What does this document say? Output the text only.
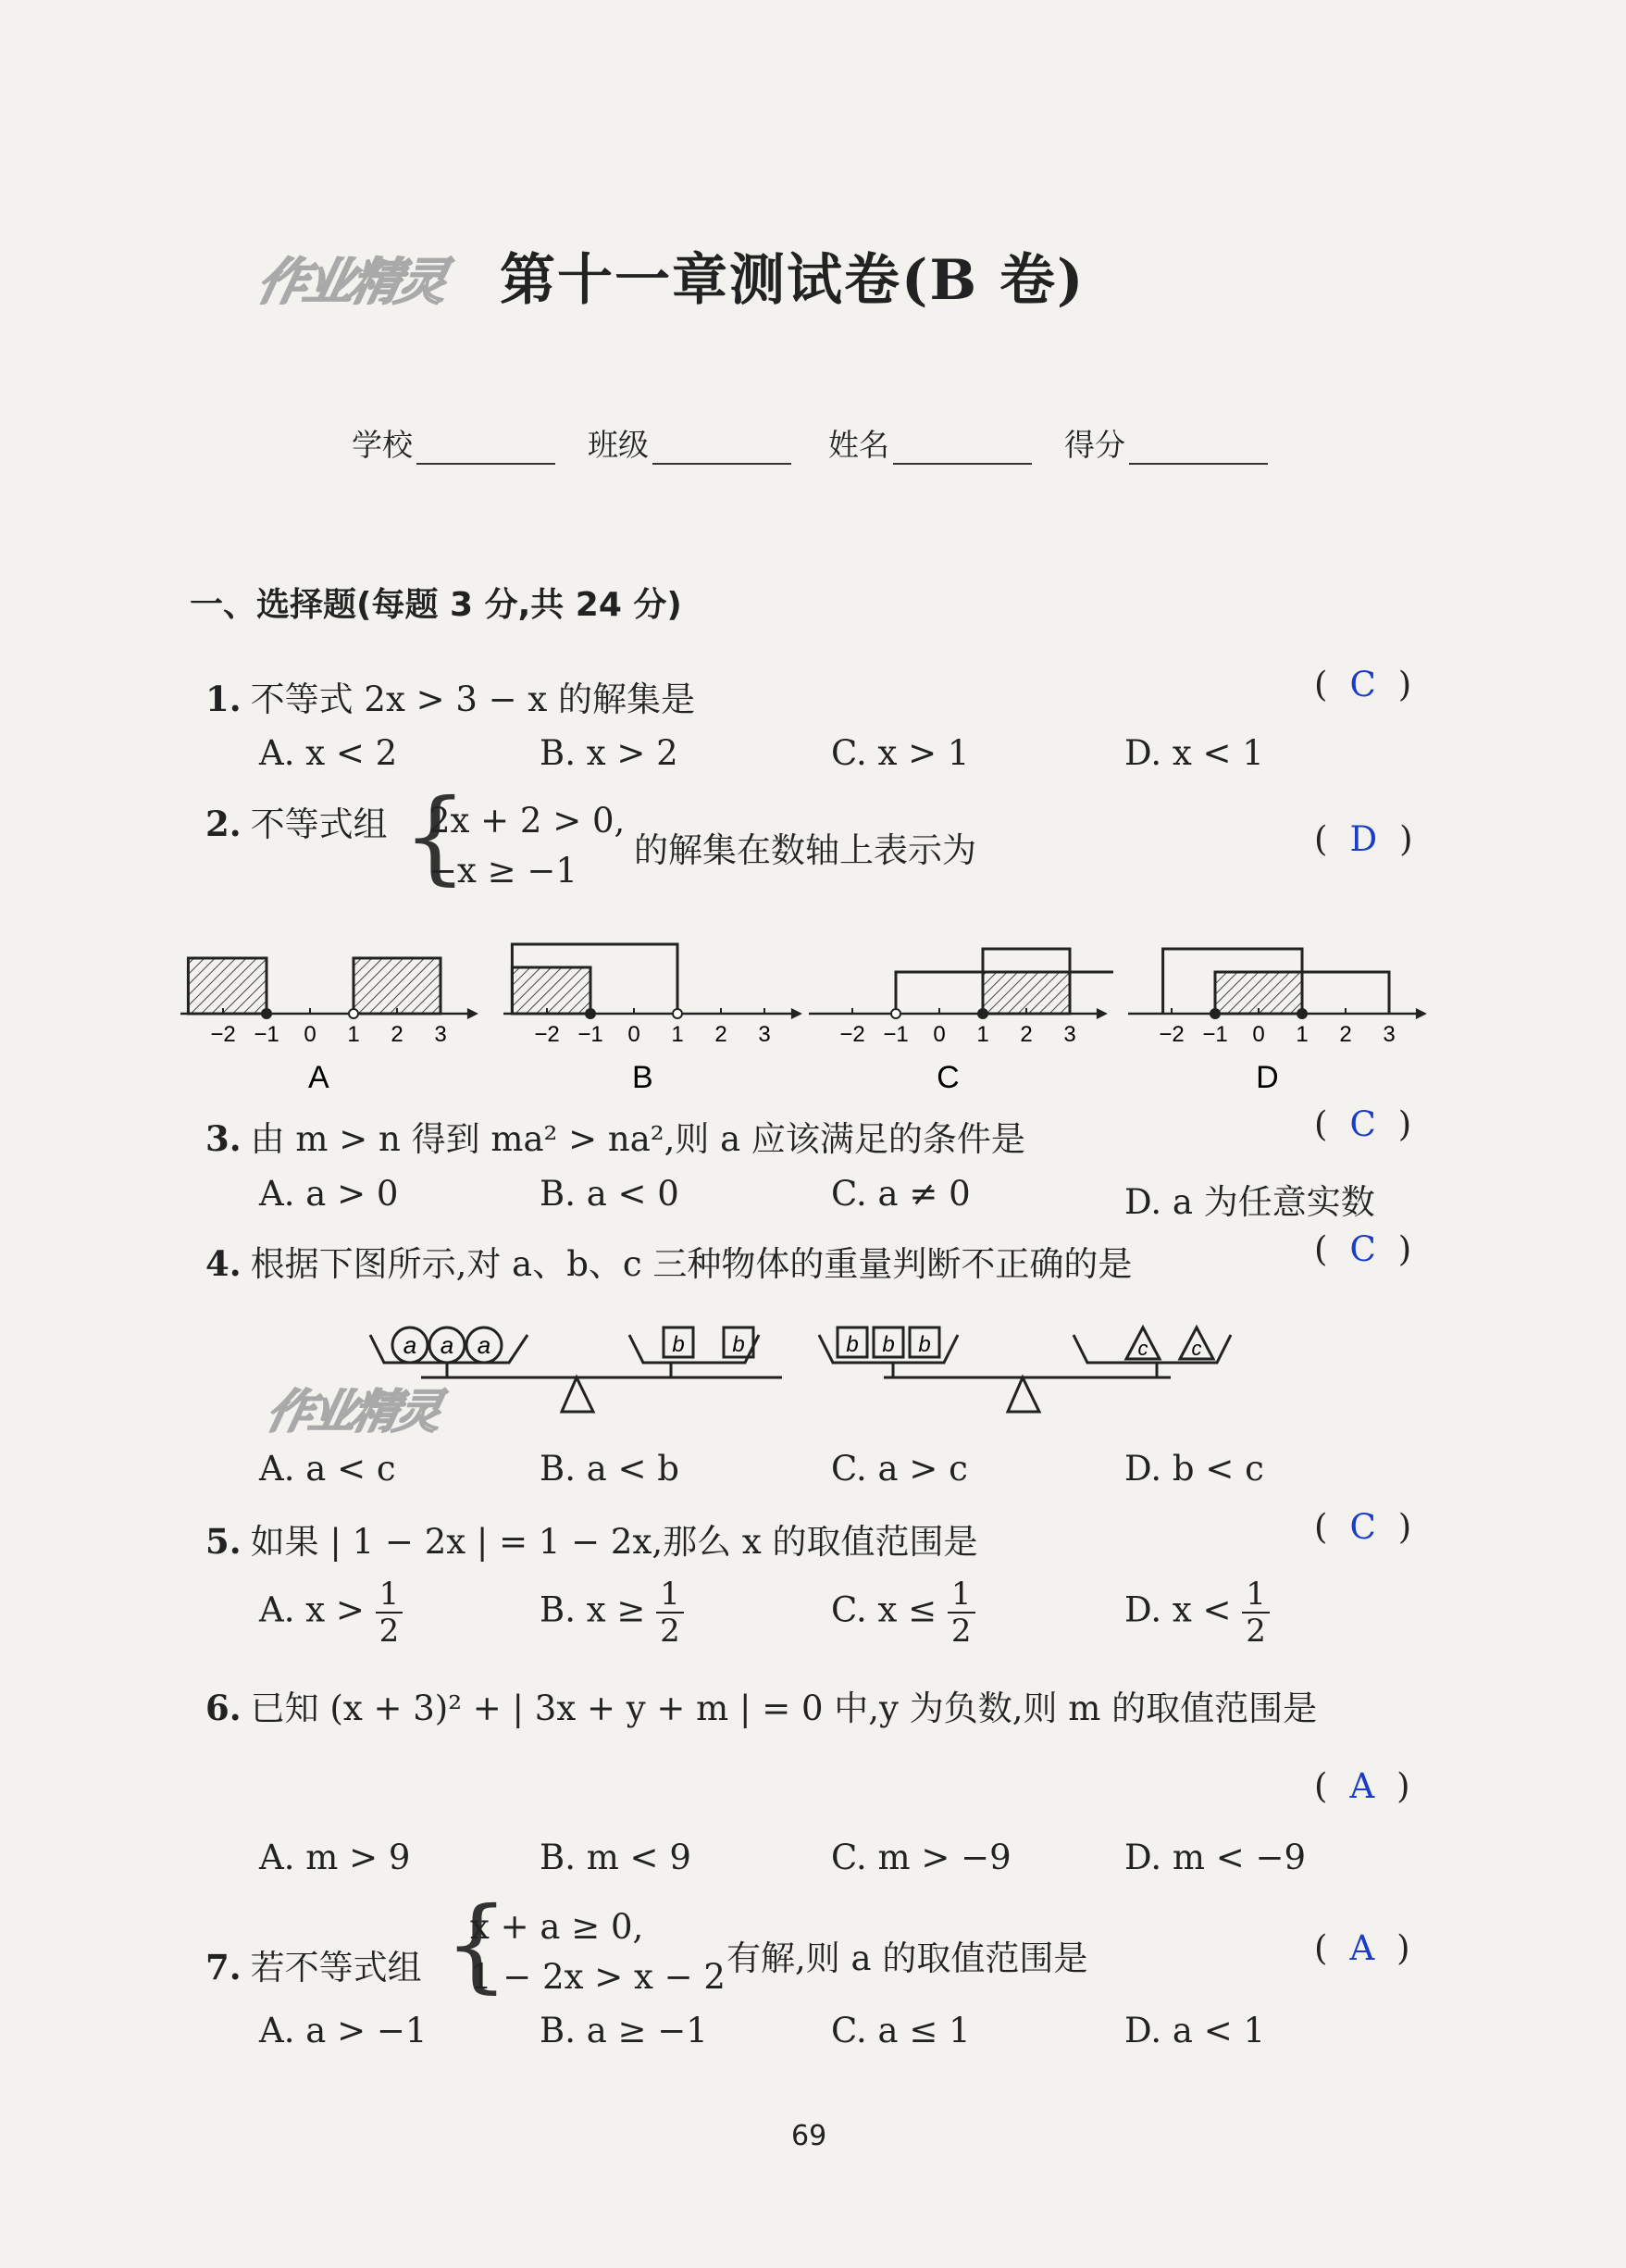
作业精灵 第十一章测试卷(B 卷)
学校	班级	姓名	得分
一、选择题(每题 3 分,共 24 分)
1. 不等式 2x > 3 − x 的解集是	( C )
A. x < 2	B. x > 2	C. x > 1	D. x < 1
2. 不等式组 {
2x + 2 > 0,
−x ≥ −1
的解集在数轴上表示为	( D )
−2 −1 0 1 2 3
A
−2 −1 0 1 2 3
B
−2 −1 0 1 2 3
C
−2 −1 0 1 2 3
D
3. 由 m > n 得到 ma² > na²,则 a 应该满足的条件是	( C )
A. a > 0	B. a < 0	C. a ≠ 0	D. a 为任意实数
4. 根据下图所示,对 a、b、c 三种物体的重量判断不正确的是	( C )
作业精灵
a a a	b b	b b b	c c
A. a < c	B. a < b	C. a > c	D. b < c
5. 如果 | 1 − 2x | = 1 − 2x,那么 x 的取值范围是	( C )
A. $x > \frac{1}{2}$	B. $x \ge \frac{1}{2}$	C. $x \le \frac{1}{2}$	D. $x < \frac{1}{2}$
6. 已知 (x + 3)² + | 3x + y + m | = 0 中,y 为负数,则 m 的取值范围是
( A )
A. m > 9	B. m < 9	C. m > −9	D. m < −9
7. 若不等式组 {
x + a ≥ 0,
1 − 2x > x − 2 有解,则 a 的取值范围是	( A )
A. a > −1	B. a ≥ −1	C. a ≤ 1	D. a < 1
69
